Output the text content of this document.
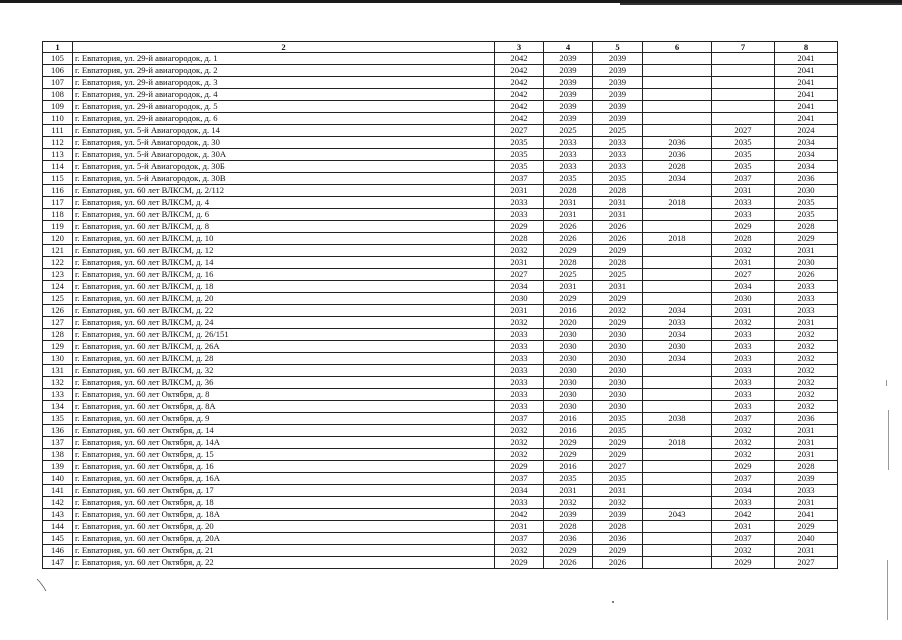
1	2	3	4	5	6	7	8
105	г. Евпатория, ул. 29-й авиагородок, д. 1	2042	2039	2039			2041
106	г. Евпатория, ул. 29-й авиагородок, д. 2	2042	2039	2039			2041
107	г. Евпатория, ул. 29-й авиагородок, д. 3	2042	2039	2039			2041
108	г. Евпатория, ул. 29-й авиагородок, д. 4	2042	2039	2039			2041
109	г. Евпатория, ул. 29-й авиагородок, д. 5	2042	2039	2039			2041
110	г. Евпатория, ул. 29-й авиагородок, д. 6	2042	2039	2039			2041
111	г. Евпатория, ул. 5-й Авиагородок, д. 14	2027	2025	2025		2027	2024
112	г. Евпатория, ул. 5-й Авиагородок, д. 30	2035	2033	2033	2036	2035	2034
113	г. Евпатория, ул. 5-й Авиагородок, д. 30А	2035	2033	2033	2036	2035	2034
114	г. Евпатория, ул. 5-й Авиагородок, д. 30Б	2035	2033	2033	2028	2035	2034
115	г. Евпатория, ул. 5-й Авиагородок, д. 30В	2037	2035	2035	2034	2037	2036
116	г. Евпатория, ул. 60 лет ВЛКСМ, д. 2/112	2031	2028	2028		2031	2030
117	г. Евпатория, ул. 60 лет ВЛКСМ, д. 4	2033	2031	2031	2018	2033	2035
118	г. Евпатория, ул. 60 лет ВЛКСМ, д. 6	2033	2031	2031		2033	2035
119	г. Евпатория, ул. 60 лет ВЛКСМ, д. 8	2029	2026	2026		2029	2028
120	г. Евпатория, ул. 60 лет ВЛКСМ, д. 10	2028	2026	2026	2018	2028	2029
121	г. Евпатория, ул. 60 лет ВЛКСМ, д. 12	2032	2029	2029		2032	2031
122	г. Евпатория, ул. 60 лет ВЛКСМ, д. 14	2031	2028	2028		2031	2030
123	г. Евпатория, ул. 60 лет ВЛКСМ, д. 16	2027	2025	2025		2027	2026
124	г. Евпатория, ул. 60 лет ВЛКСМ, д. 18	2034	2031	2031		2034	2033
125	г. Евпатория, ул. 60 лет ВЛКСМ, д. 20	2030	2029	2029		2030	2033
126	г. Евпатория, ул. 60 лет ВЛКСМ, д. 22	2031	2016	2032	2034	2031	2033
127	г. Евпатория, ул. 60 лет ВЛКСМ, д. 24	2032	2020	2029	2033	2032	2031
128	г. Евпатория, ул. 60 лет ВЛКСМ, д. 26/151	2033	2030	2030	2034	2033	2032
129	г. Евпатория, ул. 60 лет ВЛКСМ, д. 26А	2033	2030	2030	2030	2033	2032
130	г. Евпатория, ул. 60 лет ВЛКСМ, д. 28	2033	2030	2030	2034	2033	2032
131	г. Евпатория, ул. 60 лет ВЛКСМ, д. 32	2033	2030	2030		2033	2032
132	г. Евпатория, ул. 60 лет ВЛКСМ, д. 36	2033	2030	2030		2033	2032
133	г. Евпатория, ул. 60 лет Октября, д. 8	2033	2030	2030		2033	2032
134	г. Евпатория, ул. 60 лет Октября, д. 8А	2033	2030	2030		2033	2032
135	г. Евпатория, ул. 60 лет Октября, д. 9	2037	2016	2035	2038	2037	2036
136	г. Евпатория, ул. 60 лет Октября, д. 14	2032	2016	2035		2032	2031
137	г. Евпатория, ул. 60 лет Октября, д. 14А	2032	2029	2029	2018	2032	2031
138	г. Евпатория, ул. 60 лет Октября, д. 15	2032	2029	2029		2032	2031
139	г. Евпатория, ул. 60 лет Октября, д. 16	2029	2016	2027		2029	2028
140	г. Евпатория, ул. 60 лет Октября, д. 16А	2037	2035	2035		2037	2039
141	г. Евпатория, ул. 60 лет Октября, д. 17	2034	2031	2031		2034	2033
142	г. Евпатория, ул. 60 лет Октября, д. 18	2033	2032	2032		2033	2031
143	г. Евпатория, ул. 60 лет Октября, д. 18А	2042	2039	2039	2043	2042	2041
144	г. Евпатория, ул. 60 лет Октября, д. 20	2031	2028	2028		2031	2029
145	г. Евпатория, ул. 60 лет Октября, д. 20А	2037	2036	2036		2037	2040
146	г. Евпатория, ул. 60 лет Октября, д. 21	2032	2029	2029		2032	2031
147	г. Евпатория, ул. 60 лет Октября, д. 22	2029	2026	2026		2029	2027
